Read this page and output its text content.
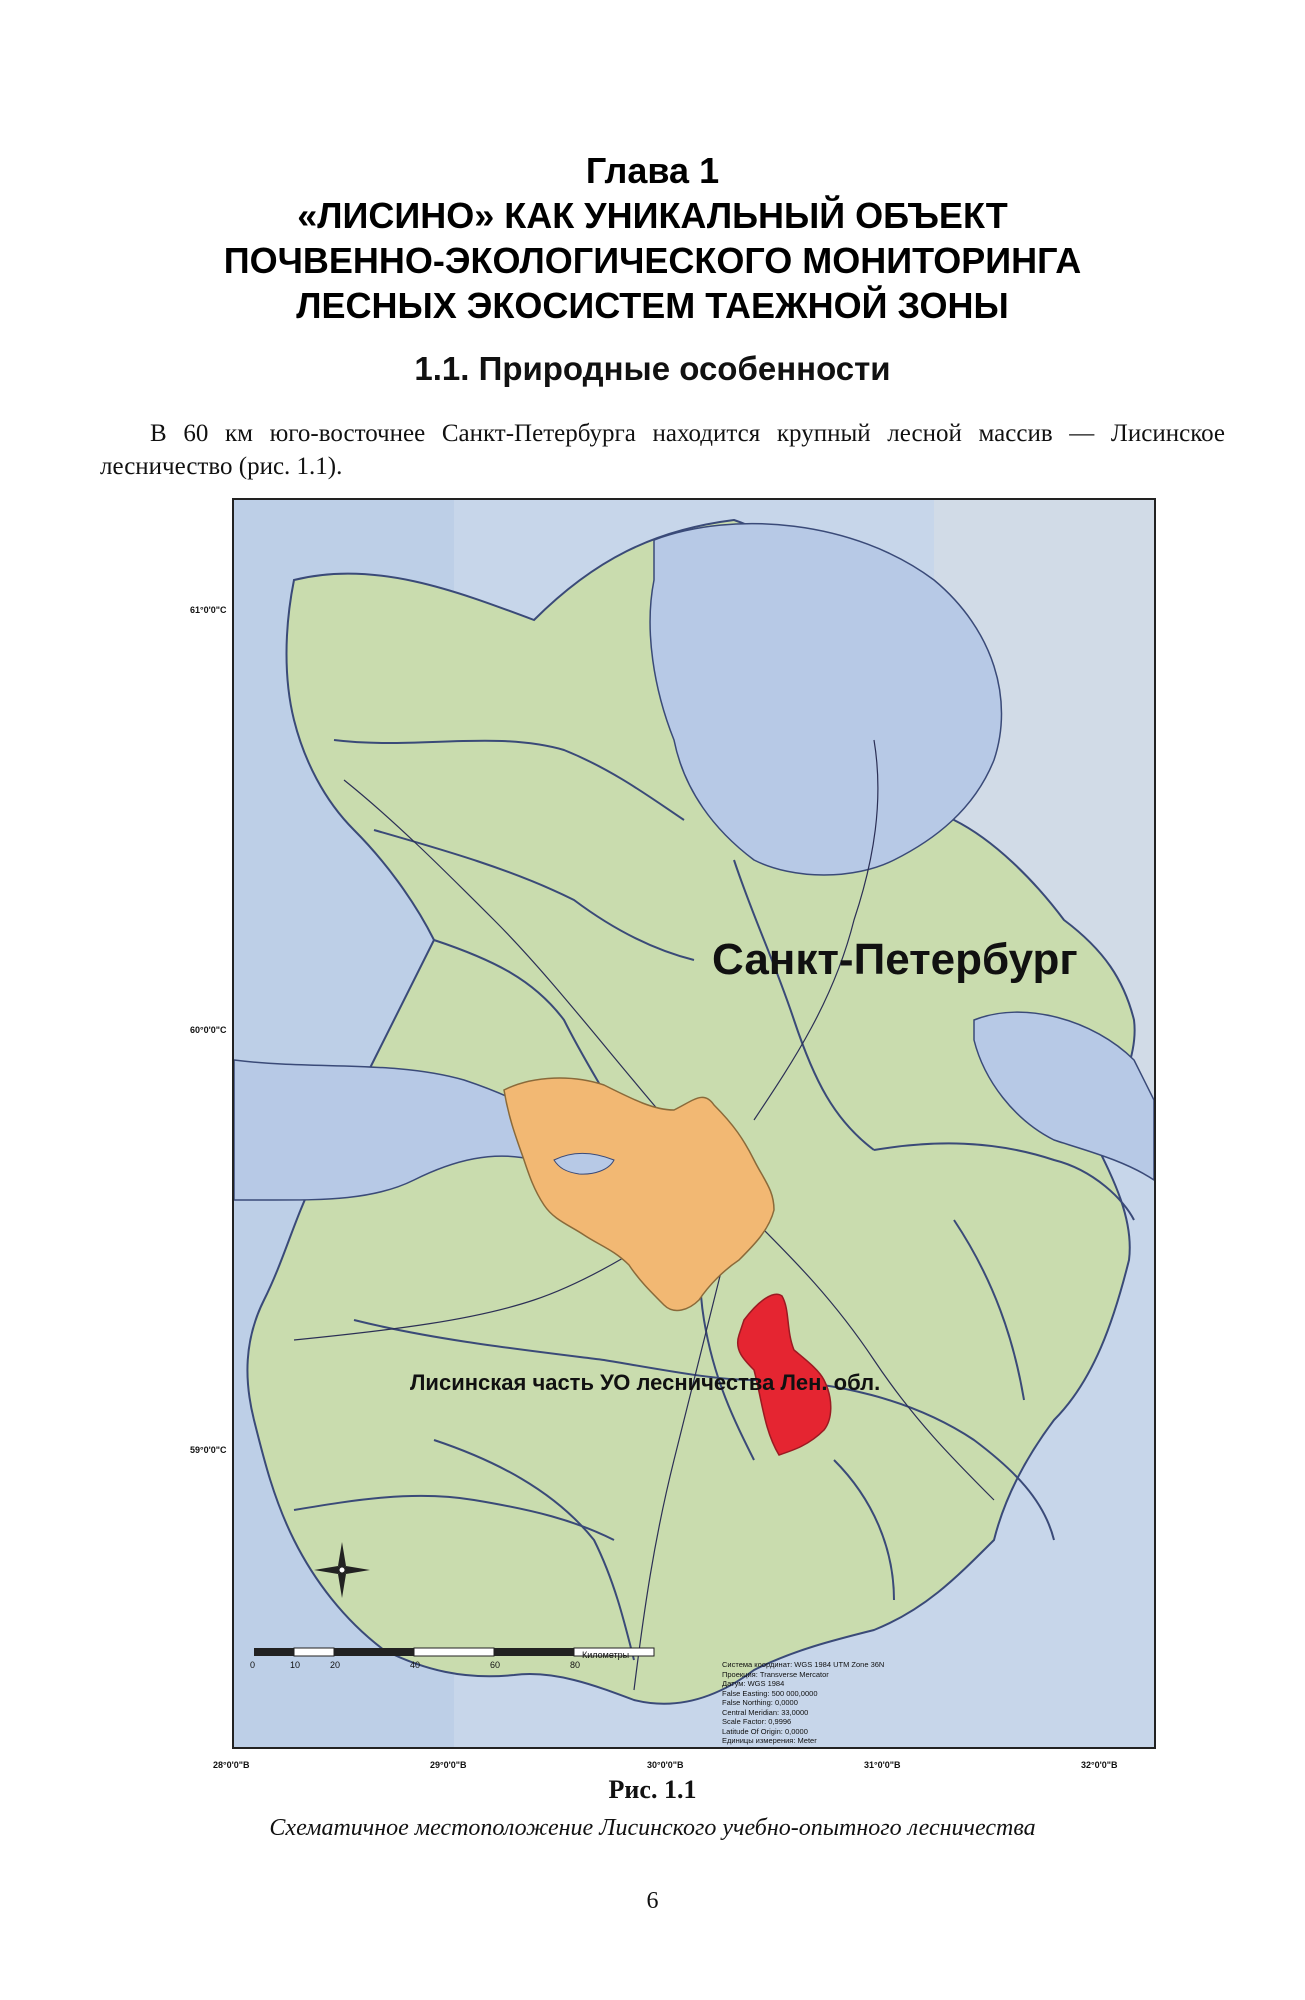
Глава 1
«ЛИСИНО» КАК УНИКАЛЬНЫЙ ОБЪЕКТ
ПОЧВЕННО-ЭКОЛОГИЧЕСКОГО МОНИТОРИНГА
ЛЕСНЫХ ЭКОСИСТЕМ ТАЕЖНОЙ ЗОНЫ
1.1. Природные особенности
В 60 км юго-восточнее Санкт-Петербурга находится крупный лесной массив — Лисинское лесничество (рис. 1.1).
61°0'0"С
60°0'0"С
59°0'0"С
28°0'0"В	29°0'0"В	30°0'0"В	31°0'0"В	32°0'0"В
Санкт-Петербург
Лисинская часть УО лесничества Лен. обл.
0	10	20	40	60	80
Километры
Система координат: WGS 1984 UTM Zone 36N
Проекция: Transverse Mercator
Датум: WGS 1984
False Easting: 500 000,0000
False Northing: 0,0000
Central Meridian: 33,0000
Scale Factor: 0,9996
Latitude Of Origin: 0,0000
Единицы измерения: Meter
Рис. 1.1
Схематичное местоположение Лисинского учебно-опытного лесничества
6
